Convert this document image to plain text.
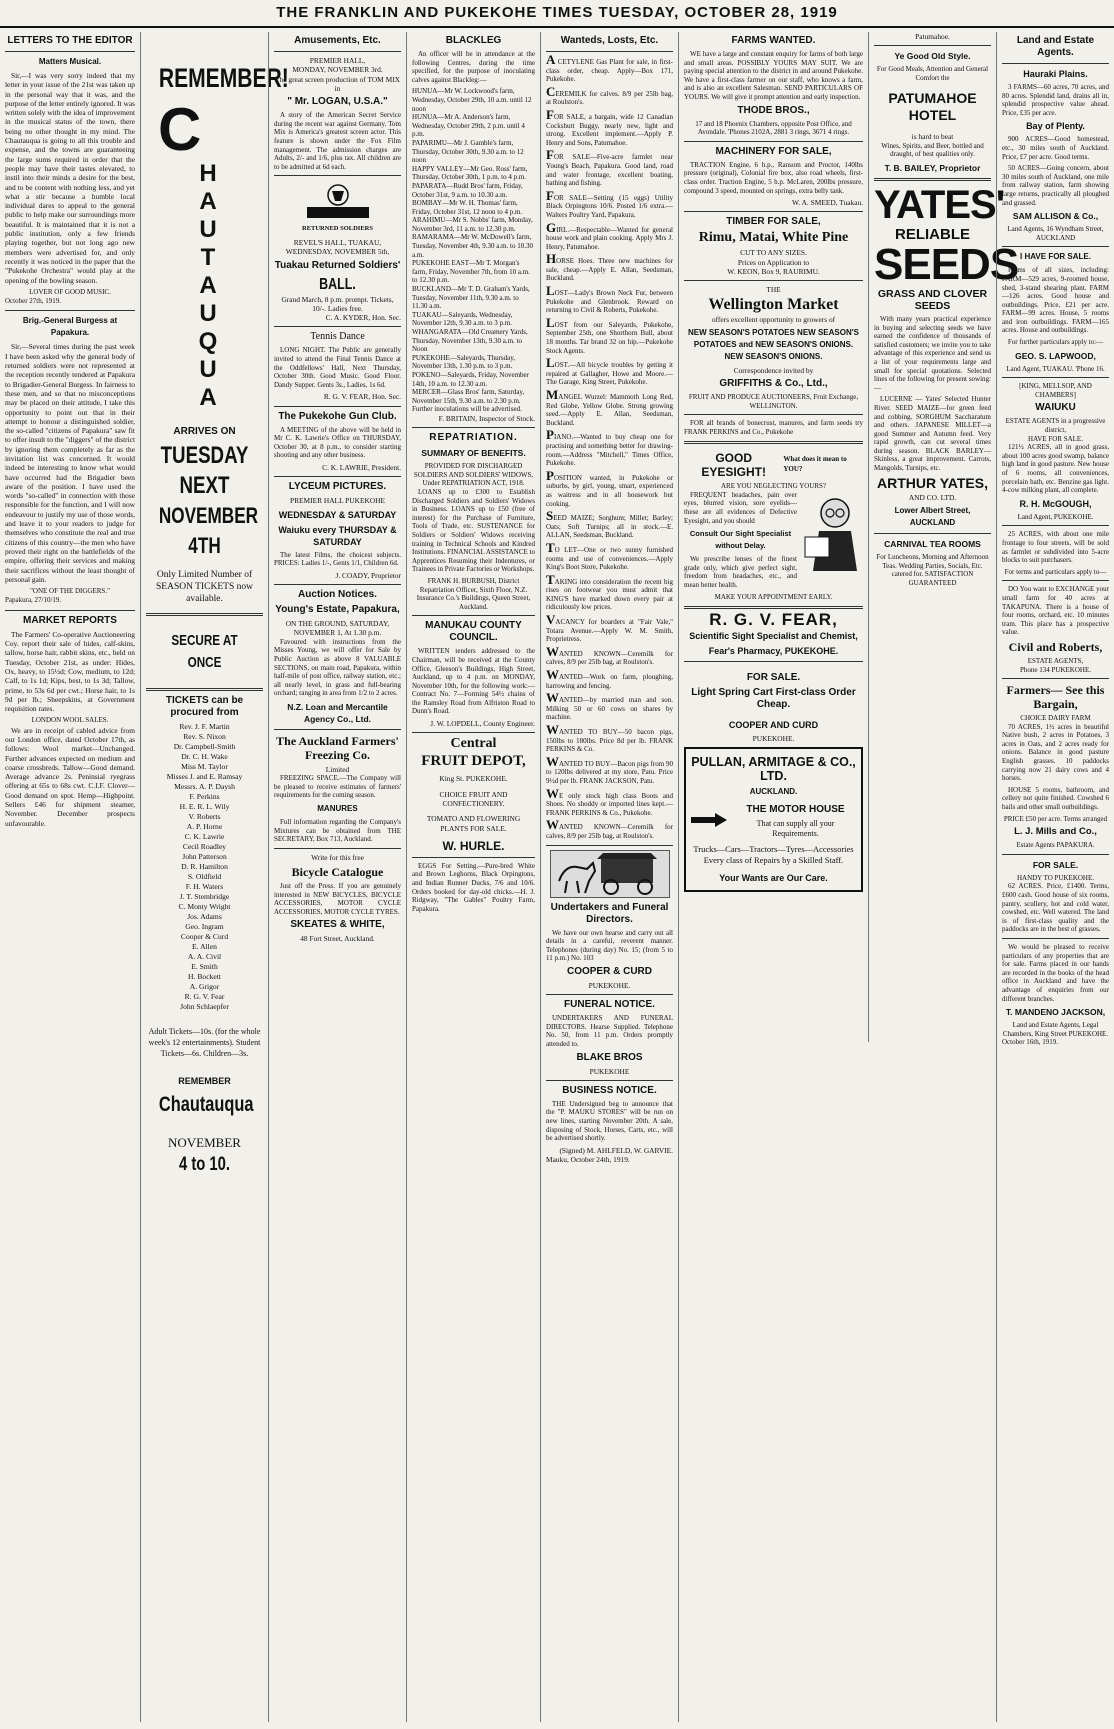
THE FRANKLIN AND PUKEKOHE TIMES TUESDAY, OCTOBER 28, 1919
LETTERS TO THE EDITOR
Matters Musical.

Sir,—I was very sorry indeed that my letter in your issue of the 21st was taken up in the personal way that it was, and the purpose of the letter entirely ignored. It was written solely with the idea of improvement in the musical status of the town, there being no other thought in my mind. The Chautauqua is going to all this trouble and expense, and the towns are guaranteeing the large sums required in order that the people may have their tastes elevated, to instil into their minds a desire for the best, and to be content with nothing less, and yet what a stir because a humble local individual dares to appeal to the general public to help make our surroundings more beautiful. It is maintained that it is not a public institution, only a few friends playing together, but not long ago new members were advertised for, and only recently it was noticed in the paper that the "Pukekohe Orchestra" would play at the opening of the bowling season.

LOVER OF GOOD MUSIC.
October 27th, 1919.
Brig.-General Burgess at Papakura.

Sir,—Several times during the past week I have been asked why the general body of returned soldiers were not represented at the reception recently tendered at Papakura to Brigadier-General Burgess. In fairness to these men, and so that no misconceptions may be placed on their attitude, I take this opportunity to point out that in their attempt to honour a distinguished soldier, the so-called "citizens of Papakura" saw fit to offer insult to the "diggers" of the district by ignoring them completely as far as the invitation list was concerned. It would indeed be interesting to know what would have occurred had the Brigadier been aware of the position. I have used the words "so-called" in connection with those responsible for the function, and I will now endeavour to justify my use of those words, and leave it to your readers to judge for themselves who constitute the real and true citizens of this country—the men who have proved their right on the battlefields of the empire, offering their services and making their sacrifices without the least thought of personal gain.

"ONE OF THE DIGGERS."
Papakura, 27/10/19.
MARKET REPORTS

The Farmers' Co-operative Auctioneering Coy. report their sale of hides, calf-skins, tallow, horse hair, rabbit skins, etc., held on Tuesday, October 21st, as under: Hides, Ox, heavy, to 15½d; Cow, medium, to 12d; Calf, to 1s 1d; Kips, best, to 1s 3d; Tallow, prime, to 53s 6d per cwt.; Horse hair, to 1s 9d per lb.; Sheepskins, at Government requisition rates.

LONDON WOOL SALES.

We are in receipt of cabled advice from our London office, dated October 17th, as follows: Wool market—Unchanged. Further advances expected on medium and coarse crossbreds. Tallow—Good demand. Average advance 2s. Peninsial ryegrass offering at 65s to 68s cwt. C.I.F. Clover—Good demand on spot. Hemp—Highpoint. Sellers £46 for shipment steamer, November. December prospects unfavourable.

REMEMBER!
C
H
A
U
T
A
U
Q
U
A
ARRIVES ON
TUESDAY NEXT
NOVEMBER 4TH
Only Limited Number of SEASON TICKETS now available.
SECURE AT ONCE
TICKETS can be procured from
Rev. J. F. Martin
Rev. S. Nixon
Dr. Campbell-Smith
Dr. C. H. Wake
Miss M. Taylor
Misses J. and E. Ramsay
Messrs. A. P. Daysh
F. Perkins
H. E. R. L. Wily
V. Roberts
A. P. Horne
C. K. Lawrie
Cecil Roadley
John Patterson
D. R. Hamilton
S. Oldfield
F. H. Waters
J. T. Stembridge
C. Monty Wright
Jos. Adams
Geo. Ingram
Cooper & Curd
E. Allen
A. A. Civil
E. Smith
H. Bockett
A. Grigor
R. G. V. Fear
John Schlaepfer
Adult Tickets—10s. (for the whole week's 12 entertainments). Student Tickets—6s. Children—3s.
REMEMBER
Chautauqua
NOVEMBER
4 to 10.
Amusements, Etc.
PREMIER HALL,
MONDAY, NOVEMBER 3rd.
The great screen production of TOM MIX in
" Mr. LOGAN, U.S.A."

A story of the American Secret Service during the recent war against Germany. Tom Mix is America's greatest screen actor. This feature is shown under the Fox Film management. The admission charges are Adults, 2/- and 1/6, plus tax. All children are to be admitted at 6d each.

RETURNED SOLDIERS
REVEL'S HALL, TUAKAU, WEDNESDAY, NOVEMBER 5th,
Tuakau Returned Soldiers'
BALL.
Grand March, 8 p.m. prompt. Tickets, 10/-. Ladies free.
C. A. KYDER, Hon. Sec.
Tennis Dance

LONG NIGHT. The Public are generally invited to attend the Final Tennis Dance at the Oddfellows' Hall, Next Thursday, October 30th. Good Music. Good Floor. Dandy Supper. Gents 3s., Ladies, 1s 6d.

R. G. V. FEAR, Hon. Sec.
The Pukekohe Gun Club.

A MEETING of the above will be held in Mr C. K. Lawrie's Office on THURSDAY, October 30, at 8 p.m., to consider starting shooting and any other business.

C. K. LAWRIE, President.
LYCEUM PICTURES.
PREMIER HALL PUKEKOHE
WEDNESDAY & SATURDAY
Waiuku every THURSDAY & SATURDAY

The latest Films, the choicest subjects. PRICES: Ladies 1/-, Gents 1/1, Children 6d.

J. COADY, Proprietor
Auction Notices.
Young's Estate, Papakura,
ON THE GROUND, SATURDAY, NOVEMBER 1, At 1.30 p.m.

Favoured with instructions from the Misses Young, we will offer for Sale by Public Auction as above 8 VALUABLE SECTIONS, on main road, Papakura, within half-mile of post office, railway station, etc.; all nearly level, in grass and full-bearing orchard; ranging in area from 1/2 to 2 acres.

N.Z. Loan and Mercantile Agency Co., Ltd.
The Auckland Farmers' Freezing Co.
Limited

FREEZING SPACE.—The Company will be pleased to receive estimates of farmers' requirements for the coming season.

MANURES

Full information regarding the Company's Mixtures can be obtained from THE SECRETARY, Box 713, Auckland.

Write for this free
Bicycle Catalogue

Just off the Press. If you are genuinely interested in NEW BICYCLES, BICYCLE ACCESSORIES, MOTOR CYCLE ACCESSORIES, MOTOR CYCLE TYRES.

SKEATES & WHITE,
48 Fort Street, Auckland.
BLACKLEG

An officer will be in attendance at the following Centres, during the time specified, for the purpose of inoculating calves against Blackleg:—

HUNUA—Mr W. Lockwood's farm, Wednesday, October 29th, 10 a.m. until 12 noon
HUNUA—Mr A. Anderson's farm, Wednesday, October 29th, 2 p.m. until 4 p.m.
PAPARIMU—Mr J. Gamble's farm, Thursday, October 30th, 9.30 a.m. to 12 noon
HAPPY VALLEY—Mr Geo. Ross' farm, Thursday, October 30th, 1 p.m. to 4 p.m.
PAPARATA—Rudd Bros' farm, Friday, October 31st, 9 a.m. to 10.30 a.m.
BOMBAY—Mr W. H. Thomas' farm, Friday, October 31st, 12 noon to 4 p.m.
ARAHIMU—Mr S. Nobbs' farm, Monday, November 3rd, 11 a.m. to 12.30 p.m.
RAMARAMA—Mr W. McDowell's farm, Tuesday, November 4th, 9.30 a.m. to 10.30 a.m.
PUKEKOHE EAST—Mr T. Morgan's farm, Friday, November 7th, from 10 a.m. to 12.30 p.m.
BUCKLAND—Mr T. D. Graham's Yards, Tuesday, November 11th, 9.30 a.m. to 11.30 a.m.
TUAKAU—Saleyards, Wednesday, November 12th, 9.30 a.m. to 3 p.m.
WHANGARATA—Old Creamery Yards, Thursday, November 13th, 9.30 a.m. to Noon
PUKEKOHE—Saleyards, Thursday, November 13th, 1.30 p.m. to 3 p.m.
POKENO—Saleyards, Friday, November 14th, 10 a.m. to 12.30 a.m.
MERCER—Glass Bros' farm, Saturday, November 15th, 9.30 a.m. to 2.30 p.m.
Further inoculations will be advertised.
F. BRITAIN, Inspector of Stock.
REPATRIATION.
SUMMARY OF BENEFITS.
PROVIDED FOR DISCHARGED SOLDIERS AND SOLDIERS' WIDOWS, Under REPATRIATION ACT, 1918.

LOANS up to £300 to Establish Discharged Soldiers and Soldiers' Widows in Business. LOANS up to £50 (free of interest) for the Purchase of Furniture, Tools of Trade, etc. SUSTENANCE for Soldiers or Soldiers' Widows receiving training in Technical Schools and Kindred Institutions. FINANCIAL ASSISTANCE to Apprentices Resuming their Indentures, or Trainees in Private Factories or Workshops.

FRANK H. BURBUSH, District Repatriation Officer, Sixth Floor, N.Z. Insurance Co.'s Buildings, Queen Street, Auckland.
MANUKAU COUNTY COUNCIL.

WRITTEN tenders addressed to the Chairman, will be received at the County Office, Gleeson's Buildings, High Street, Auckland, up to 4 p.m. on MONDAY, November 10th, for the following work:— Contract No. 7—Forming 54½ chains of the Ramsley Road from Alfriston Road to Dunn's Road.

J. W. LOPDELL, County Engineer.
Central
FRUIT DEPOT,
King St. PUKEKOHE.
CHOICE FRUIT AND CONFECTIONERY.
TOMATO AND FLOWERING PLANTS FOR SALE.
W. HURLE.

EGGS For Setting.—Pure-bred White and Brown Leghorns, Black Orpingtons, and Indian Runner Ducks, 7/6 and 10/6. Orders booked for day-old chicks.—H. J. Ridgway, "The Gables" Poultry Farm, Papakura.

Wanteds, Losts, Etc.
A CETYLENE Gas Plant for sale, in first-class order, cheap. Apply—Box 171, Pukekohe.
CEREMILK for calves. 8/9 per 25lb bag, at Roulston's.
FOR SALE, a bargain, wide 12 Canadian Cockshutt Buggy, nearly new, light and strong. Excellent implement.—Apply P. Henry and Sons, Patumahoe.
FOR SALE—Five-acre farmlet near Young's Beach, Papakura. Good land, road and water frontage, excellent boating, bathing and fishing.
FOR SALE—Setting (15 eggs) Utility Black Orpingtons 10/6. Posted 1/6 extra.—Walters Poultry Yard, Papakura.
GIRL.—Respectable—Wanted for general house work and plain cooking. Apply Mrs J. Henry, Patumahoe.
HORSE Hoes. Three new machines for sale, cheap.—Apply E. Allan, Seedsman, Buckland.
LOST—Lady's Brown Neck Fur, between Pukekohe and Glenbrook. Reward on returning to Civil & Roberts, Pukekohe.
LOST from our Saleyards, Pukekohe, September 25th, one Shorthorn Bull, about 18 months. Tar brand 32 on hip.—Pukekohe Stock Agents.
LOST.—All bicycle troubles by getting it repaired at Gallagher, Howe and Moore.—The Garage, King Street, Pukekohe.
MANGEL Wurzel: Mammoth Long Red, Red Globe, Yellow Globe. Strong growing seed.—Apply E. Allan, Seedsman, Buckland.
PIANO.—Wanted to buy cheap one for practising and something better for drawing-room.—Address "Mitchell," Times Office, Pukekohe.
POSITION wanted, in Pukekohe or suburbs, by girl, young, smart, experienced as waitress and in all housework but cooking.
SEED MAIZE; Sorghum; Millet; Barley; Oats; Soft Turnips; all in stock.—E. ALLAN, Seedsman, Buckland.
TO LET—One or two sunny furnished rooms and use of conveniences.—Apply King's Boot Store, Pukekohe.
TAKING into consideration the recent big rises on footwear you must admit that KING'S have marked down every pair at ridiculously low prices.
VACANCY for boarders at "Fair Vale," Totara Avenue.—Apply W. M. Smith, Proprietress.
WANTED KNOWN—Ceremilk for calves, 8/9 per 25lb bag, at Roulston's.
WANTED—Work on farm, ploughing, harrowing and fencing.
WANTED—by married man and son. Milking 50 or 60 cows on shares by machine.
WANTED TO BUY—50 bacon pigs, 150lbs to 180lbs. Price 8d per lb. FRANK PERKINS & Co.
WANTED TO BUY—Bacon pigs from 90 to 120lbs delivered at my store, Patu. Price 9½d per lb. FRANK JACKSON, Patu.
WE only stock high class Boots and Shoes. No shoddy or imported lines kept.—FRANK PERKINS & Co., Pukekohe.
WANTED KNOWN—Ceremilk for calves, 8/9 per 25lb bag, at Roulston's.
Undertakers and Funeral Directors.

We have our own hearse and carry out all details in a careful, reverent manner. Telephones (during day) No. 15; (from 5 to 11 p.m.) No. 103

COOPER & CURD
PUKEKOHE.
FUNERAL NOTICE.

UNDERTAKERS AND FUNERAL DIRECTORS. Hearse Supplied. Telephone No. 50, from 11 p.m. Orders promptly attended to.

BLAKE BROS
PUKEKOHE
BUSINESS NOTICE.

THE Undersigned beg to announce that the "P. MAUKU STORES" will be run on new lines, starting November 20th. A sale, disposing of Stock, Horses, Carts, etc., will be advertised shortly.

(Signed) M. AHLFELD, W. GARVIE.
Mauku, October 24th, 1919.
FARMS WANTED.

WE have a large and constant enquiry for farms of both large and small areas. POSSIBLY YOURS MAY SUIT. We are paying special attention to the district in and around Pukekohe. We have a first-class farmer on our staff, who knows a farm, and is also an excellent Salesman. SEND PARTICULARS OF YOURS. We will give it prompt attention and early inspection.

THODE BROS.,
17 and 18 Phoenix Chambers, opposite Post Office, and Avondale. 'Phones 2102A, 2881 3 rings, 3671 4 rings.
MACHINERY FOR SALE,

TRACTION Engine, 6 h.p., Ransom and Proctor, 140lbs pressure (original), Colonial fire box, also road wheels, first-class order. Traction Engine, 5 h.p. McLaren, 200lbs pressure, compound 3 speed, mounted on springs, extra belly tank.

W. A. SMEED, Tuakau.
TIMBER FOR SALE,
Rimu, Matai, White Pine
CUT TO ANY SIZES.
Prices on Application to
W. KEON, Box 9, RAURIMU.
THE
Wellington Market
offers excellent opportunity to growers of
NEW SEASON'S POTATOES NEW SEASON'S POTATOES and NEW SEASON'S ONIONS. NEW SEASON'S ONIONS.
Correspondence invited by
GRIFFITHS & Co., Ltd.,
FRUIT AND PRODUCE AUCTIONEERS, Fruit Exchange, WELLINGTON.

FOR all brands of bonecrust, manures, and farm seeds try FRANK PERKINS and Co., Pukekohe

GOOD EYESIGHT!
What does it mean to YOU?
ARE YOU NEGLECTING YOURS?

FREQUENT headaches, pain over eyes, blurred vision, sore eyelids—these are all evidences of Defective Eyesight, and you should

Consult Our Sight Specialist without Delay.

We prescribe lenses of the finest grade only, which give perfect sight, freedom from headaches, etc., and mean better health.

MAKE YOUR APPOINTMENT EARLY.
R. G. V. FEAR,
Scientific Sight Specialist and Chemist,
Fear's Pharmacy, PUKEKOHE.
FOR SALE.
Light Spring Cart First-class Order Cheap.
COOPER AND CURD
PUKEKOHE.
PULLAN, ARMITAGE & CO., LTD.
AUCKLAND.
THE MOTOR HOUSE
That can supply all your Requirements.
Trucks—Cars—Tractors—Tyres—Accessories Every class of Repairs by a Skilled Staff.
Your Wants are Our Care.
Patumahoe.
Ye Good Old Style.
For Good Meals, Attention and General Comfort the
PATUMAHOE HOTEL
is hard to beat
Wines, Spirits, and Beer, bottled and draught, of best qualities only.
T. B. BAILEY, Proprietor
YATES'
RELIABLE
SEEDS
GRASS AND CLOVER SEEDS

With many years practical experience in buying and selecting seeds we have earned the confidence of thousands of satisfied customers; we invite you to take advantage of this experience and send us a list of your requirements large and small for special quotations. Selected lines of the following for present sowing:—

LUCERNE — Yates' Selected Hunter River. SEED MAIZE—for green feed and cobbing. SORGHUM Saccharatum and others. JAPANESE MILLET—a good Summer and Autumn feed. Very rapid growth, can cut several times during season. BLACK BARLEY—Skinless, a great improvement. Carrots, Mangolds, Turnips, etc.

ARTHUR YATES,
AND CO. LTD.
Lower Albert Street, AUCKLAND
CARNIVAL TEA ROOMS
For Luncheons, Morning and Afternoon Teas. Wedding Parties, Socials, Etc. catered for. SATISFACTION GUARANTEED
Land and Estate Agents.
Hauraki Plains.

3 FARMS—60 acres, 70 acres, and 80 acres. Splendid land, drains all in, splendid prospective value ahead. Price, £35 per acre.

Bay of Plenty.

900 ACRES—Good homestead, etc., 30 miles south of Auckland. Price, £7 per acre. Good terms.

50 ACRES—Going concern, about 30 miles south of Auckland, one mile from railway station, farm showing large returns, practically all ploughed and grassed.

SAM ALLISON & Co.,
Land Agents, 16 Wyndham Street, AUCKLAND
I HAVE FOR SALE.

Farms of all sizes, including: FARM—529 acres, 9-roomed house, shed, 3-stand shearing plant. FARM—126 acres. Good house and outbuildings. Price, £21 per acre. FARM—99 acres. House, 5 rooms and iron outbuildings. FARM—165 acres. House and outbuildings.

For further particulars apply to:—
GEO. S. LAPWOOD,
Land Agent, TUAKAU. 'Phone 16.
[KING, MELLSOP, AND CHAMBERS]
WAIUKU
ESTATE AGENTS in a progressive district,
HAVE FOR SALE.

121½ ACRES, all in good grass, about 100 acres good swamp, balance high land in good pasture. New house of 6 rooms, all conveniences, porcelain bath, etc. Benzine gas light. 4-cow milking plant, all complete.

R. H. McGOUGH,
Land Agent, PUKEKOHE.

25 ACRES, with about one mile frontage to four streets, will be sold as farmlet or subdivided into 5-acre blocks to suit purchasers.

For terms and particulars apply to—

DO You want to EXCHANGE your small farm for 40 acres at TAKAPUNA. There is a house of four rooms, orchard, etc. 10 minutes tram. This place has a prospective value.

Civil and Roberts,
ESTATE AGENTS,
Phone 134 PUKEKOHE.
Farmers— See this Bargain,
CHOICE DAIRY FARM

70 ACRES, 1½ acres in beautiful Native bush, 2 acres in Potatoes, 3 acres in Oats, and 2 acres ready for onions. Balance in good pasture English grasses. 10 paddocks carrying now 21 dairy cows and 4 horses.

HOUSE 5 rooms, bathroom, and cellery not quite finished. Cowshed 6 bails and other small outbuildings.

PRICE £50 per acre. Terms arranged
L. J. Mills and Co.,
Estate Agents PAPAKURA.
FOR SALE.
HANDY TO PUKEKOHE.

62 ACRES. Price, £1400. Terms, £600 cash. Good house of six rooms, pantry, scullery, hot and cold water, cowshed, etc. Well watered. The land is of first-class quality and the paddocks are in the best of grasses.

We would be pleased to receive particulars of any properties that are for sale. Farms placed in our hands are recorded in the books of the head office in Auckland and have the advantage of enquiries from our different branches.

T. MANDENO JACKSON,
Land and Estate Agents, Legal Chambers, King Street PUKEKOHE.
October 16th, 1919.
